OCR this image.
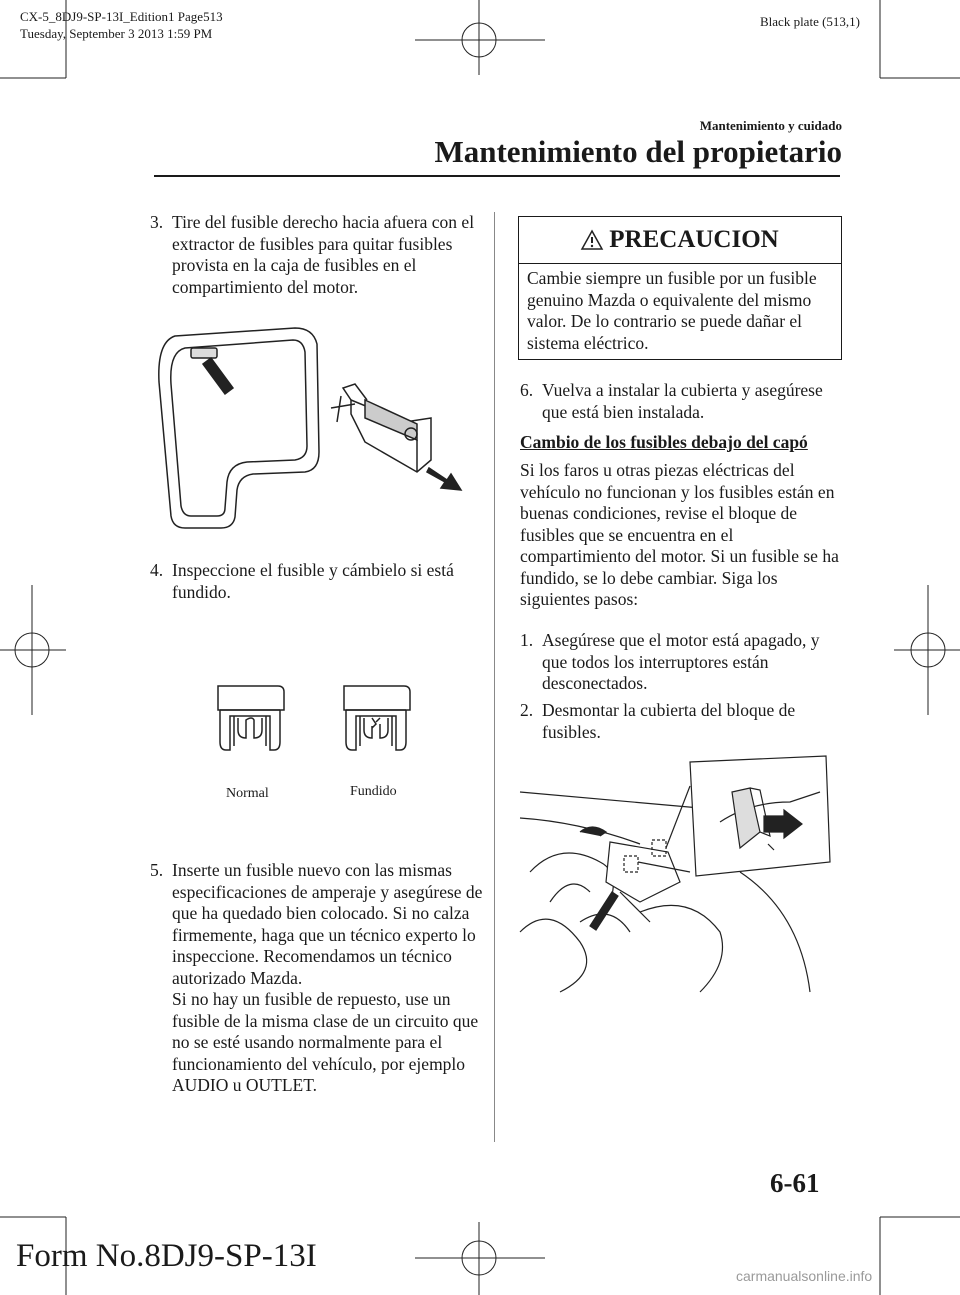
CX-5_8DJ9-SP-13I_Edition1 Page513
Tuesday, September 3 2013 1:59 PM
Black plate (513,1)
Mantenimiento y cuidado
Mantenimiento del propietario
3. Tire del fusible derecho hacia afuera con el extractor de fusibles para quitar fusibles provista en la caja de fusibles en el compartimiento del motor.
4. Inspeccione el fusible y cámbielo si está fundido.
Normal	Fundido
5. Inserte un fusible nuevo con las mismas especificaciones de amperaje y asegúrese de que ha quedado bien colocado. Si no calza firmemente, haga que un técnico experto lo inspeccione. Recomendamos un técnico autorizado Mazda.
Si no hay un fusible de repuesto, use un fusible de la misma clase de un circuito que no se esté usando normalmente para el funcionamiento del vehículo, por ejemplo AUDIO u OUTLET.
PRECAUCION
Cambie siempre un fusible por un fusible genuino Mazda o equivalente del mismo valor. De lo contrario se puede dañar el sistema eléctrico.
6. Vuelva a instalar la cubierta y asegúrese que está bien instalada.
Cambio de los fusibles debajo del capó
Si los faros u otras piezas eléctricas del vehículo no funcionan y los fusibles están en buenas condiciones, revise el bloque de fusibles que se encuentra en el compartimiento del motor. Si un fusible se ha fundido, se lo debe cambiar. Siga los siguientes pasos:
1. Asegúrese que el motor está apagado, y que todos los interruptores están desconectados.
2. Desmontar la cubierta del bloque de fusibles.
6-61
Form No.8DJ9-SP-13I
carmanualsonline.info
